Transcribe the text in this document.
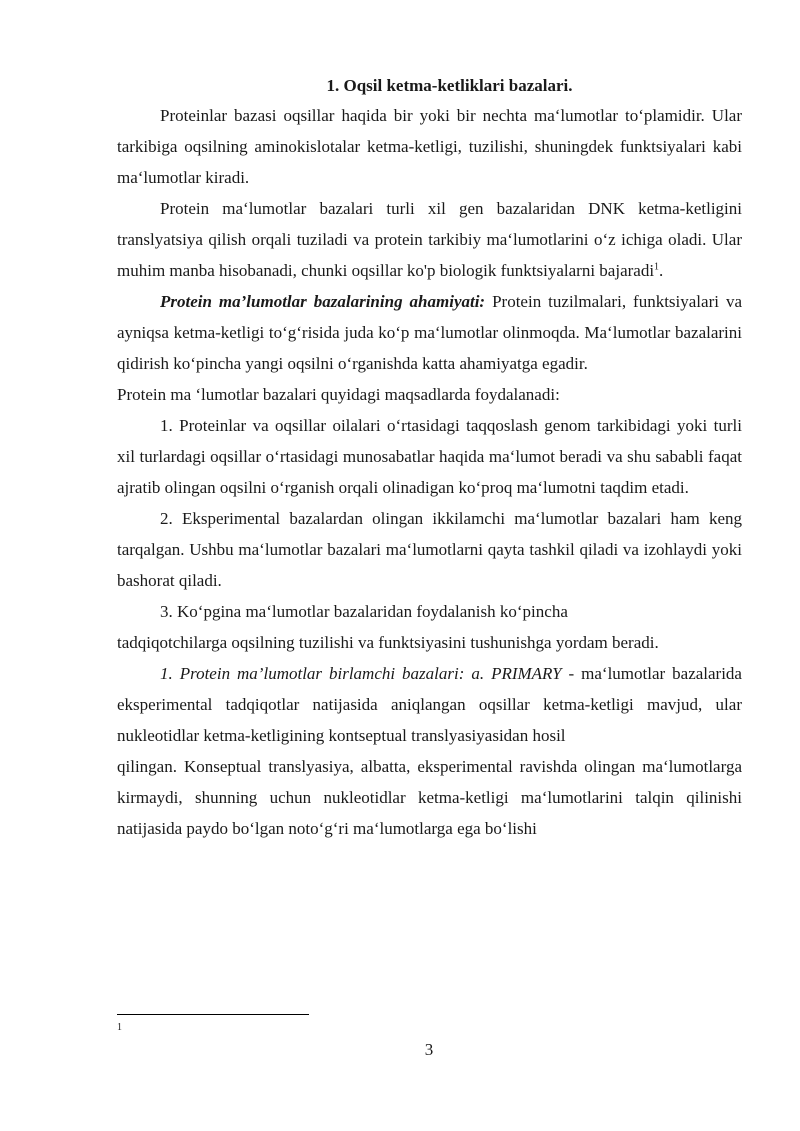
1. Oqsil ketma-ketliklari bazalari.

Proteinlar bazasi oqsillar haqida bir yoki bir nechta ma‘lumotlar to‘plamidir. Ular tarkibiga oqsilning aminokislotalar ketma-ketligi, tuzilishi, shuningdek funktsiyalari kabi ma‘lumotlar kiradi.

Protein ma‘lumotlar bazalari turli xil gen bazalaridan DNK ketma-ketligini translyatsiya qilish orqali tuziladi va protein tarkibiy ma‘lumotlarini o‘z ichiga oladi. Ular muhim manba hisobanadi, chunki oqsillar ko'p biologik funktsiyalarni bajaradi$^1$.

Protein ma’lumotlar bazalarining ahamiyati: Protein tuzilmalari, funktsiyalari va ayniqsa ketma-ketligi to‘g‘risida juda ko‘p ma‘lumotlar olinmoqda. Ma‘lumotlar bazalarini qidirish ko‘pincha yangi oqsilni o‘rganishda katta ahamiyatga egadir.

Protein ma ‘lumotlar bazalari quyidagi maqsadlarda foydalanadi:

1. Proteinlar va oqsillar oilalari o‘rtasidagi taqqoslash genom tarkibidagi yoki turli xil turlardagi oqsillar o‘rtasidagi munosabatlar haqida ma‘lumot beradi va shu sababli faqat ajratib olingan oqsilni o‘rganish orqali olinadigan ko‘proq ma‘lumotni taqdim etadi.

2. Eksperimental bazalardan olingan ikkilamchi ma‘lumotlar bazalari ham keng tarqalgan. Ushbu ma‘lumotlar bazalari ma‘lumotlarni qayta tashkil qiladi va izohlaydi yoki bashorat qiladi.

3. Ko‘pgina ma‘lumotlar bazalaridan foydalanish ko‘pincha

tadqiqotchilarga oqsilning tuzilishi va funktsiyasini tushunishga yordam beradi.

1. Protein ma’lumotlar birlamchi bazalari: a. PRIMARY - ma‘lumotlar bazalarida eksperimental tadqiqotlar natijasida aniqlangan oqsillar ketma-ketligi mavjud, ular nukleotidlar ketma-ketligining kontseptual translyasiyasidan hosil

qilingan. Konseptual translyasiya, albatta, eksperimental ravishda olingan ma‘lumotlarga kirmaydi, shunning uchun nukleotidlar ketma-ketligi ma‘lumotlarini talqin qilinishi natijasida paydo bo‘lgan noto‘g‘ri ma‘lumotlarga ega bo‘lishi

1
3
